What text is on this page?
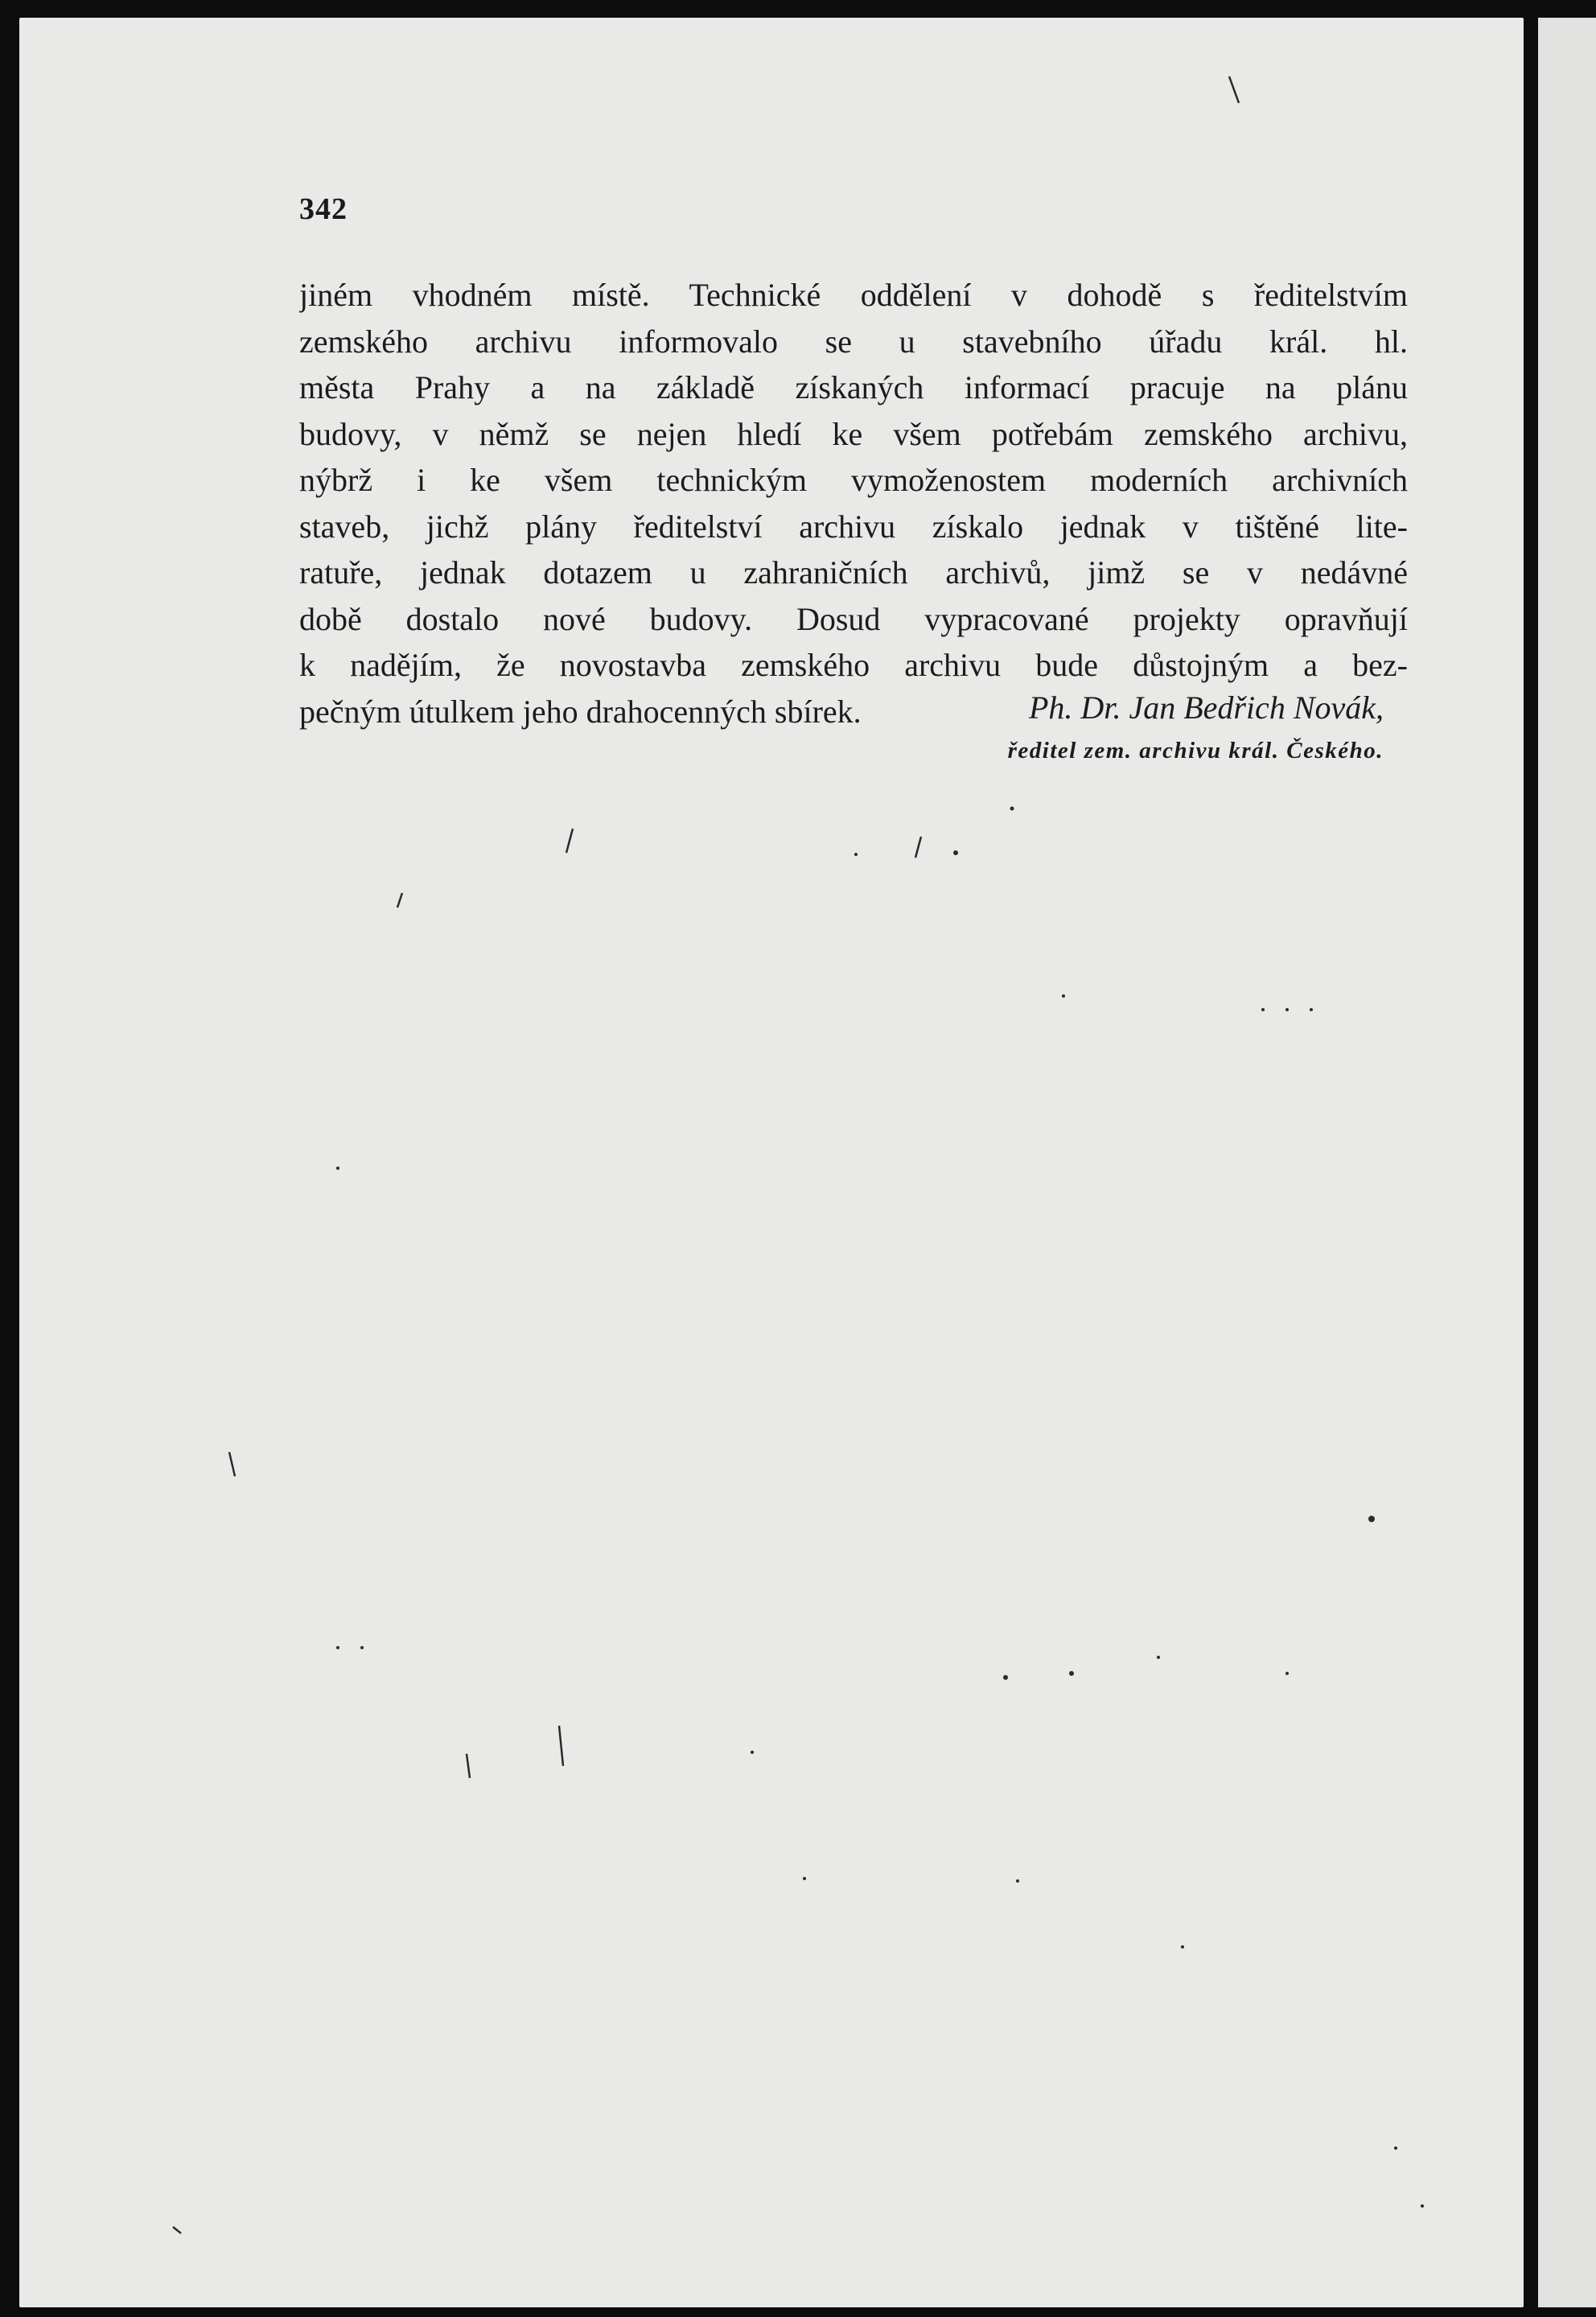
342
jiném vhodném místě. Technické oddělení v dohodě s ředitelstvím
zemského archivu informovalo se u stavebního úřadu král. hl.
města Prahy a na základě získaných informací pracuje na plánu
budovy, v němž se nejen hledí ke všem potřebám zemského archivu,
nýbrž i ke všem technickým vymoženostem moderních archivních
staveb, jichž plány ředitelství archivu získalo jednak v tištěné lite-
ratuře, jednak dotazem u zahraničních archivů, jimž se v nedávné
době dostalo nové budovy. Dosud vypracované projekty opravňují
k nadějím, že novostavba zemského archivu bude důstojným a bez-
pečným útulkem jeho drahocenných sbírek.	Ph. Dr. Jan Bedřich Novák,
ředitel zem. archivu král. Českého.
